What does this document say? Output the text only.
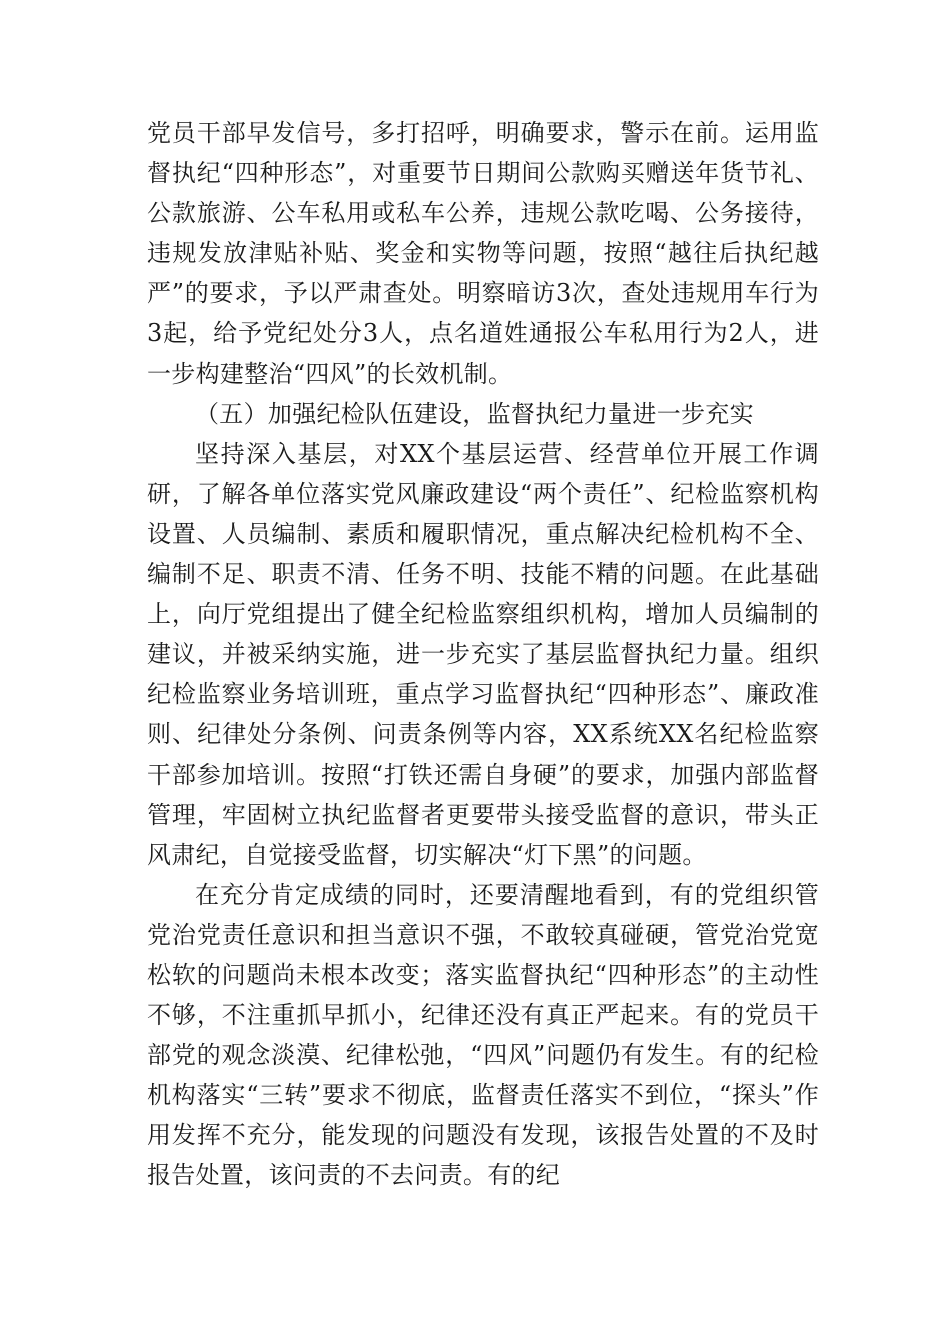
党员干部早发信号，多打招呼，明确要求，警示在前。运用监督执纪“四种形态”，对重要节日期间公款购买赠送年货节礼、公款旅游、公车私用或私车公养，违规公款吃喝、公务接待，违规发放津贴补贴、奖金和实物等问题，按照“越往后执纪越严”的要求，予以严肃查处。明察暗访3次，查处违规用车行为3起，给予党纪处分3人，点名道姓通报公车私用行为2人，进一步构建整治“四风”的长效机制。

（五）加强纪检队伍建设，监督执纪力量进一步充实

坚持深入基层，对XX个基层运营、经营单位开展工作调研，了解各单位落实党风廉政建设“两个责任”、纪检监察机构设置、人员编制、素质和履职情况，重点解决纪检机构不全、编制不足、职责不清、任务不明、技能不精的问题。在此基础上，向厅党组提出了健全纪检监察组织机构，增加人员编制的建议，并被采纳实施，进一步充实了基层监督执纪力量。组织纪检监察业务培训班，重点学习监督执纪“四种形态”、廉政准则、纪律处分条例、问责条例等内容，XX系统XX名纪检监察干部参加培训。按照“打铁还需自身硬”的要求，加强内部监督管理，牢固树立执纪监督者更要带头接受监督的意识，带头正风肃纪，自觉接受监督，切实解决“灯下黑”的问题。

在充分肯定成绩的同时，还要清醒地看到，有的党组织管党治党责任意识和担当意识不强，不敢较真碰硬，管党治党宽松软的问题尚未根本改变；落实监督执纪“四种形态”的主动性不够，不注重抓早抓小，纪律还没有真正严起来。有的党员干部党的观念淡漠、纪律松弛，“四风”问题仍有发生。有的纪检机构落实“三转”要求不彻底，监督责任落实不到位，“探头”作用发挥不充分，能发现的问题没有发现，该报告处置的不及时报告处置，该问责的不去问责。有的纪
